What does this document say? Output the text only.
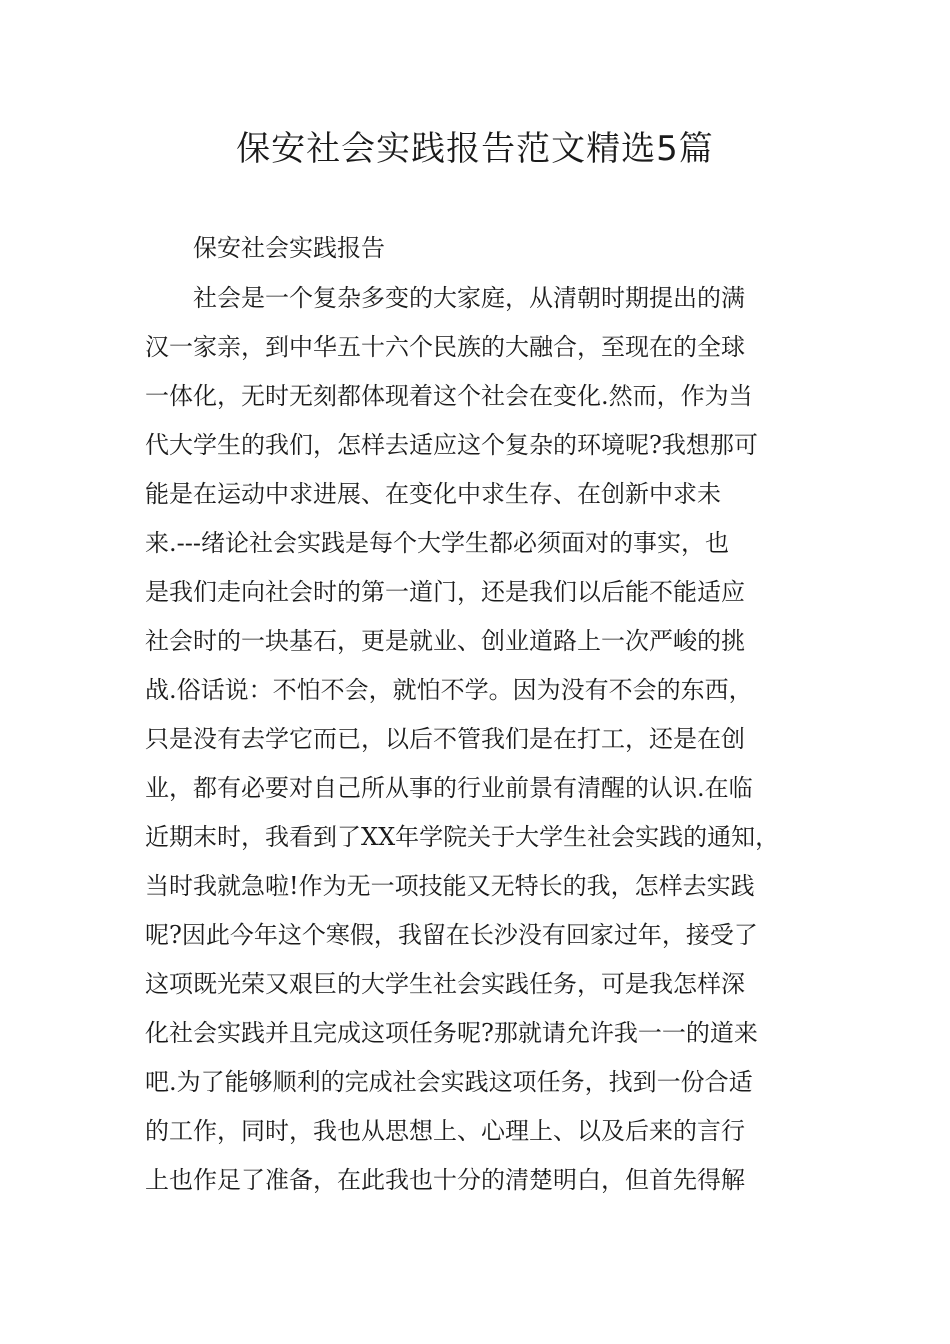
保安社会实践报告范文精选5篇

保安社会实践报告

社会是一个复杂多变的大家庭，从清朝时期提出的满
汉一家亲，到中华五十六个民族的大融合，至现在的全球
一体化，无时无刻都体现着这个社会在变化.然而，作为当
代大学生的我们，怎样去适应这个复杂的环境呢?我想那可
能是在运动中求进展、在变化中求生存、在创新中求未
来.---绪论社会实践是每个大学生都必须面对的事实，也
是我们走向社会时的第一道门，还是我们以后能不能适应
社会时的一块基石，更是就业、创业道路上一次严峻的挑
战.俗话说：不怕不会，就怕不学。因为没有不会的东西，
只是没有去学它而已，以后不管我们是在打工，还是在创
业，都有必要对自己所从事的行业前景有清醒的认识.在临
近期末时，我看到了XX年学院关于大学生社会实践的通知，
当时我就急啦!作为无一项技能又无特长的我，怎样去实践
呢?因此今年这个寒假，我留在长沙没有回家过年，接受了
这项既光荣又艰巨的大学生社会实践任务，可是我怎样深
化社会实践并且完成这项任务呢?那就请允许我一一的道来
吧.为了能够顺利的完成社会实践这项任务，找到一份合适
的工作，同时，我也从思想上、心理上、以及后来的言行
上也作足了准备，在此我也十分的清楚明白，但首先得解
